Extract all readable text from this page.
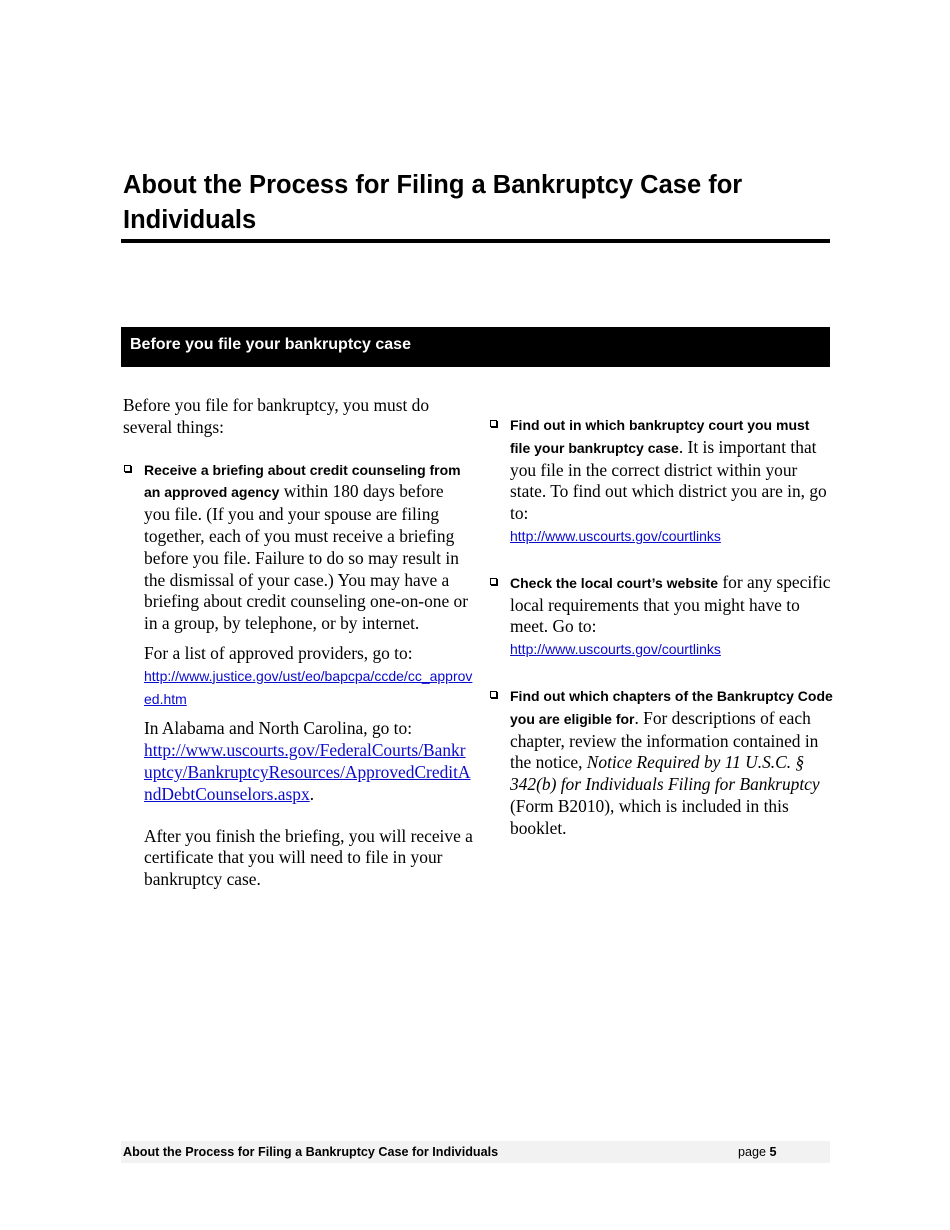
About the Process for Filing a Bankruptcy Case for Individuals
Before you file your bankruptcy case

Before you file for bankruptcy, you must do several things:

Receive a briefing about credit counseling from an approved agency within 180 days before you file. (If you and your spouse are filing together, each of you must receive a briefing before you file. Failure to do so may result in the dismissal of your case.) You may have a briefing about credit counseling one-on-one or in a group, by telephone, or by internet.

For a list of approved providers, go to:

http://www.justice.gov/ust/eo/bapcpa/ccde/cc_approved.htm

In Alabama and North Carolina, go to:
http://www.uscourts.gov/FederalCourts/Bankruptcy/BankruptcyResources/ApprovedCreditAndDebtCounselors.aspx.

After you finish the briefing, you will receive a certificate that you will need to file in your bankruptcy case.

Find out in which bankruptcy court you must file your bankruptcy case. It is important that you file in the correct district within your state. To find out which district you are in, go to:
http://www.uscourts.gov/courtlinks

Check the local court’s website for any specific local requirements that you might have to meet. Go to:
http://www.uscourts.gov/courtlinks

Find out which chapters of the Bankruptcy Code you are eligible for. For descriptions of each chapter, review the information contained in the notice, Notice Required by 11 U.S.C. § 342(b) for Individuals Filing for Bankruptcy (Form B2010), which is included in this booklet.

About the Process for Filing a Bankruptcy Case for Individuals	page 5
